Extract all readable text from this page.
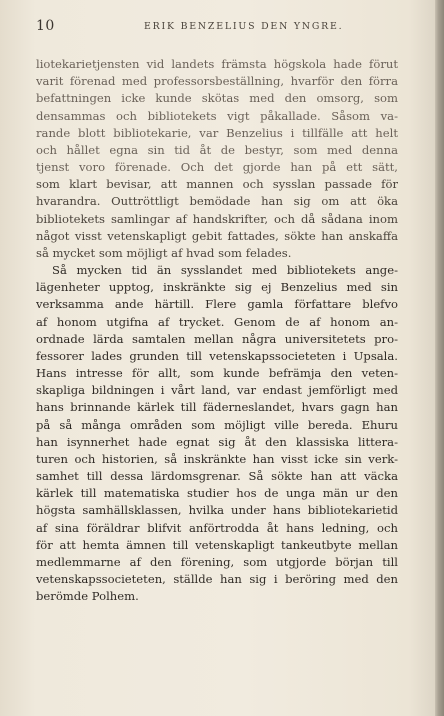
10	ERIK BENZELIUS DEN YNGRE.
liotekarietjensten vid landets främsta högskola hade förut
varit förenad med professorsbeställning, hvarför den förra
befattningen icke kunde skötas med den omsorg, som
densammas och bibliotekets vigt påkallade. Såsom va-
rande blott bibliotekarie, var Benzelius i tillfälle att helt
och hållet egna sin tid åt de bestyr, som med denna
tjenst voro förenade. Och det gjorde han på ett sätt,
som klart bevisar, att mannen och sysslan passade för
hvarandra. Outtröttligt bemödade han sig om att öka
bibliotekets samlingar af handskrifter, och då sådana inom
något visst vetenskapligt gebit fattades, sökte han anskaffa
så mycket som möjligt af hvad som felades.
Så mycken tid än sysslandet med bibliotekets ange-
lägenheter upptog, inskränkte sig ej Benzelius med sin
verksamma ande härtill. Flere gamla författare blefvo
af honom utgifna af trycket. Genom de af honom an-
ordnade lärda samtalen mellan några universitetets pro-
fessorer lades grunden till vetenskapssocieteten i Upsala.
Hans intresse för allt, som kunde befrämja den veten-
skapliga bildningen i vårt land, var endast jemförligt med
hans brinnande kärlek till fäderneslandet, hvars gagn han
på så många områden som möjligt ville bereda. Ehuru
han isynnerhet hade egnat sig åt den klassiska littera-
turen och historien, så inskränkte han visst icke sin verk-
samhet till dessa lärdomsgrenar. Så sökte han att väcka
kärlek till matematiska studier hos de unga män ur den
högsta samhällsklassen, hvilka under hans bibliotekarietid
af sina föräldrar blifvit anförtrodda åt hans ledning, och
för att hemta ämnen till vetenskapligt tankeutbyte mellan
medlemmarne af den förening, som utgjorde början till
vetenskapssocieteten, ställde han sig i beröring med den
berömde Polhem.
